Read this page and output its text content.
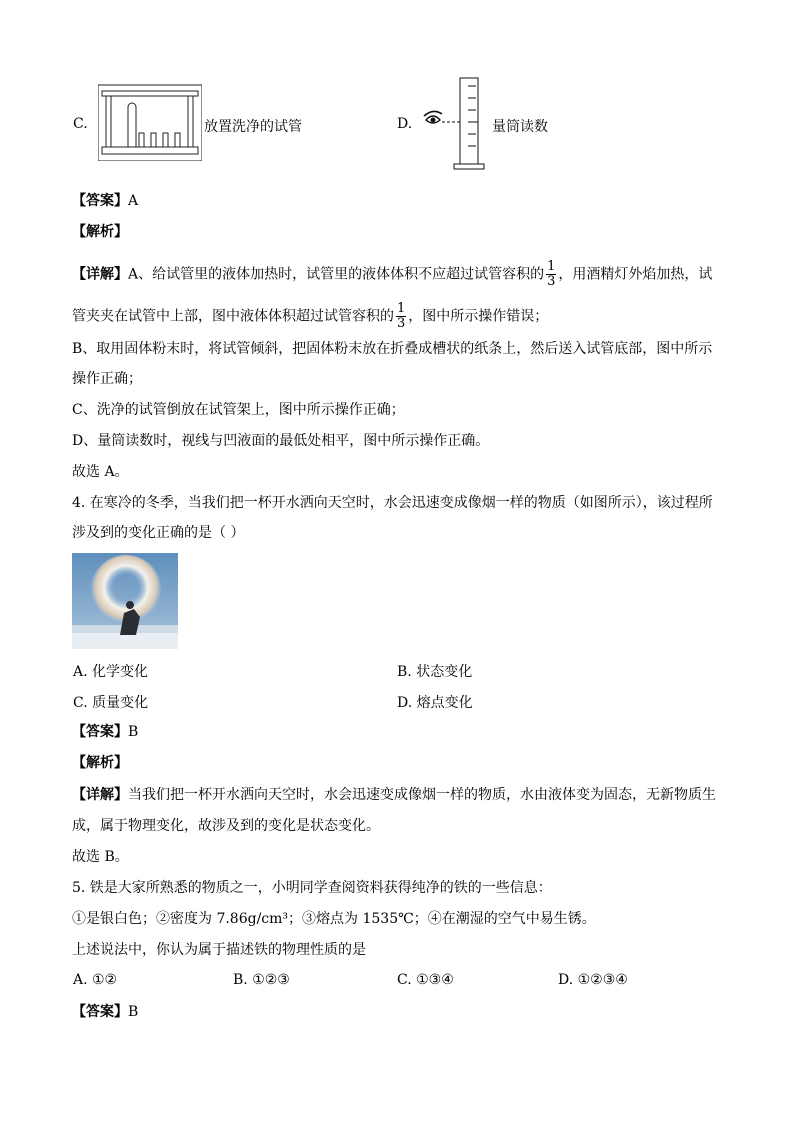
C.	放置洗净的试管	D.	量筒读数
【答案】A
【解析】
【详解】A、给试管里的液体加热时，试管里的液体体积不应超过试管容积的 $\frac{1}{3}$ ，用酒精灯外焰加热，试
管夹夹在试管中上部，图中液体体积超过试管容积的 $\frac{1}{3}$ ，图中所示操作错误；
B、取用固体粉末时，将试管倾斜，把固体粉末放在折叠成槽状的纸条上，然后送入试管底部，图中所示
操作正确；
C、洗净的试管倒放在试管架上，图中所示操作正确；
D、量筒读数时，视线与凹液面的最低处相平，图中所示操作正确。
故选 A。
4. 在寒冷的冬季，当我们把一杯开水洒向天空时，水会迅速变成像烟一样的物质（如图所示），该过程所
涉及到的变化正确的是（ ）
A. 化学变化	B. 状态变化
C. 质量变化	D. 熔点变化
【答案】B
【解析】
【详解】当我们把一杯开水洒向天空时，水会迅速变成像烟一样的物质，水由液体变为固态，无新物质生
成，属于物理变化，故涉及到的变化是状态变化。
故选 B。
5. 铁是大家所熟悉的物质之一，小明同学查阅资料获得纯净的铁的一些信息：
①是银白色；②密度为 7.86g/cm³；③熔点为 1535℃；④在潮湿的空气中易生锈。
上述说法中，你认为属于描述铁的物理性质的是
A. ①②	B. ①②③	C. ①③④	D. ①②③④
【答案】B
